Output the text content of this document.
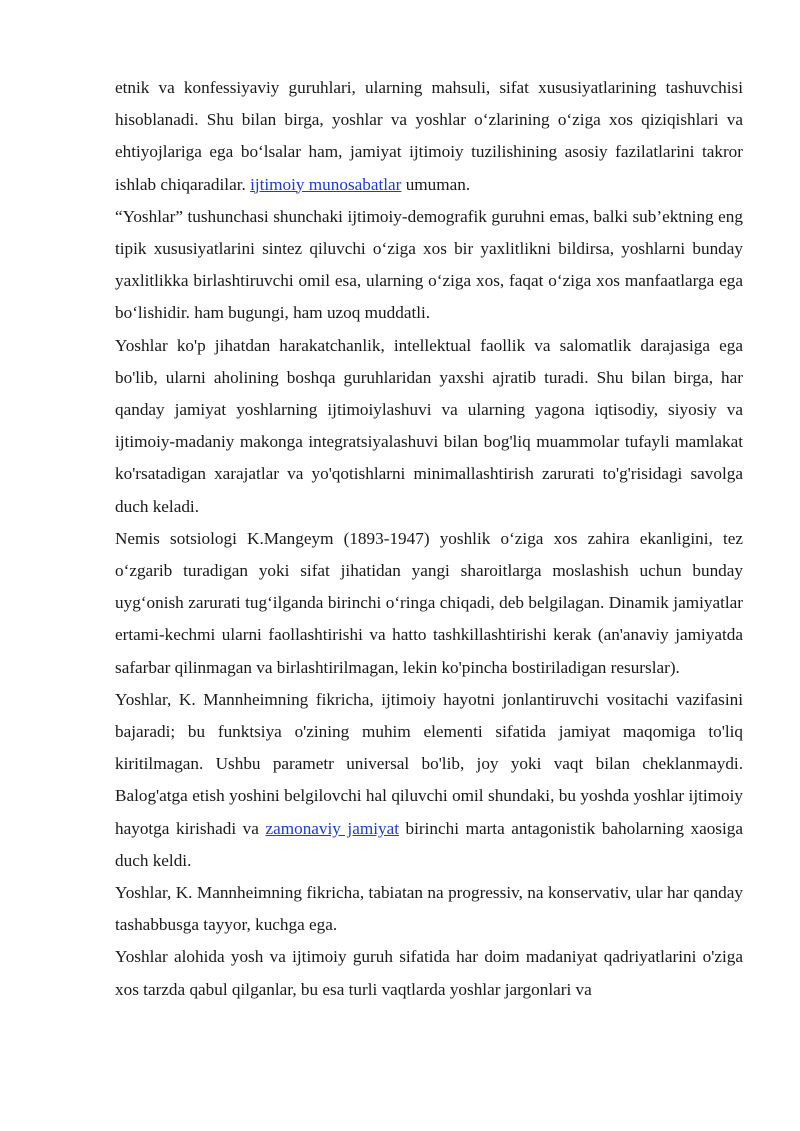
etnik va konfessiyaviy guruhlari, ularning mahsuli, sifat xususiyatlarining tashuvchisi hisoblanadi. Shu bilan birga, yoshlar va yoshlar o‘zlarining o‘ziga xos qiziqishlari va ehtiyojlariga ega bo‘lsalar ham, jamiyat ijtimoiy tuzilishining asosiy fazilatlarini takror ishlab chiqaradilar. ijtimoiy munosabatlar umuman.

“Yoshlar” tushunchasi shunchaki ijtimoiy-demografik guruhni emas, balki sub’ektning eng tipik xususiyatlarini sintez qiluvchi o‘ziga xos bir yaxlitlikni bildirsa, yoshlarni bunday yaxlitlikka birlashtiruvchi omil esa, ularning o‘ziga xos, faqat o‘ziga xos manfaatlarga ega bo‘lishidir. ham bugungi, ham uzoq muddatli.

Yoshlar ko'p jihatdan harakatchanlik, intellektual faollik va salomatlik darajasiga ega bo'lib, ularni aholining boshqa guruhlaridan yaxshi ajratib turadi. Shu bilan birga, har qanday jamiyat yoshlarning ijtimoiylashuvi va ularning yagona iqtisodiy, siyosiy va ijtimoiy-madaniy makonga integratsiyalashuvi bilan bog'liq muammolar tufayli mamlakat ko'rsatadigan xarajatlar va yo'qotishlarni minimallashtirish zarurati to'g'risidagi savolga duch keladi.

Nemis sotsiologi K.Mangeym (1893-1947) yoshlik o‘ziga xos zahira ekanligini, tez o‘zgarib turadigan yoki sifat jihatidan yangi sharoitlarga moslashish uchun bunday uyg‘onish zarurati tug‘ilganda birinchi o‘ringa chiqadi, deb belgilagan. Dinamik jamiyatlar ertami-kechmi ularni faollashtirishi va hatto tashkillashtirishi kerak (an'anaviy jamiyatda safarbar qilinmagan va birlashtirilmagan, lekin ko'pincha bostiriladigan resurslar).

Yoshlar, K. Mannheimning fikricha, ijtimoiy hayotni jonlantiruvchi vositachi vazifasini bajaradi; bu funktsiya o'zining muhim elementi sifatida jamiyat maqomiga to'liq kiritilmagan. Ushbu parametr universal bo'lib, joy yoki vaqt bilan cheklanmaydi. Balog'atga etish yoshini belgilovchi hal qiluvchi omil shundaki, bu yoshda yoshlar ijtimoiy hayotga kirishadi va zamonaviy jamiyat birinchi marta antagonistik baholarning xaosiga duch keldi.

Yoshlar, K. Mannheimning fikricha, tabiatan na progressiv, na konservativ, ular har qanday tashabbusga tayyor, kuchga ega.

Yoshlar alohida yosh va ijtimoiy guruh sifatida har doim madaniyat qadriyatlarini o'ziga xos tarzda qabul qilganlar, bu esa turli vaqtlarda yoshlar jargonlari va
